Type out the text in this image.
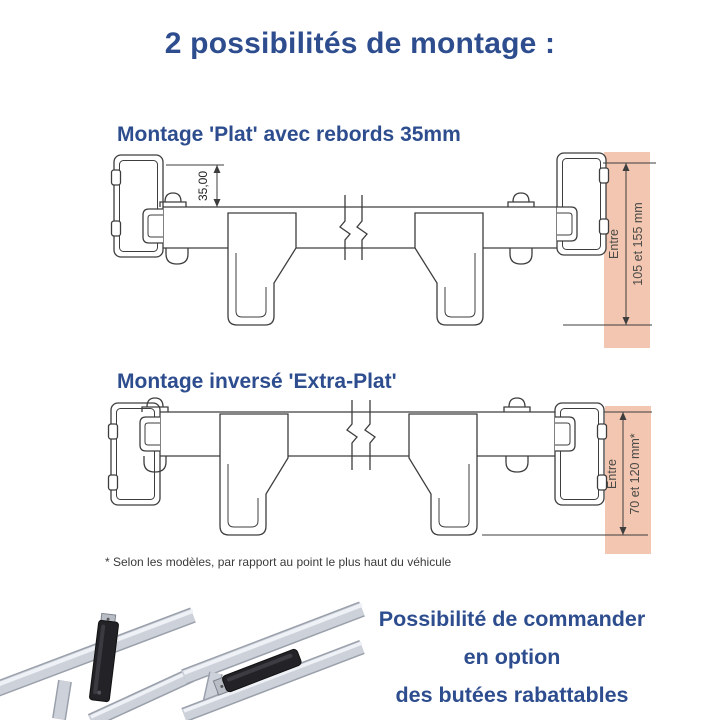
2 possibilités de montage :
Montage 'Plat' avec rebords 35mm
35,00
Entre 105 et 155 mm
Montage inversé 'Extra-Plat'
Entre 70 et 120 mm*
* Selon les modèles, par rapport au point le plus haut du véhicule
Possibilité de commander
en option
des butées rabattables
